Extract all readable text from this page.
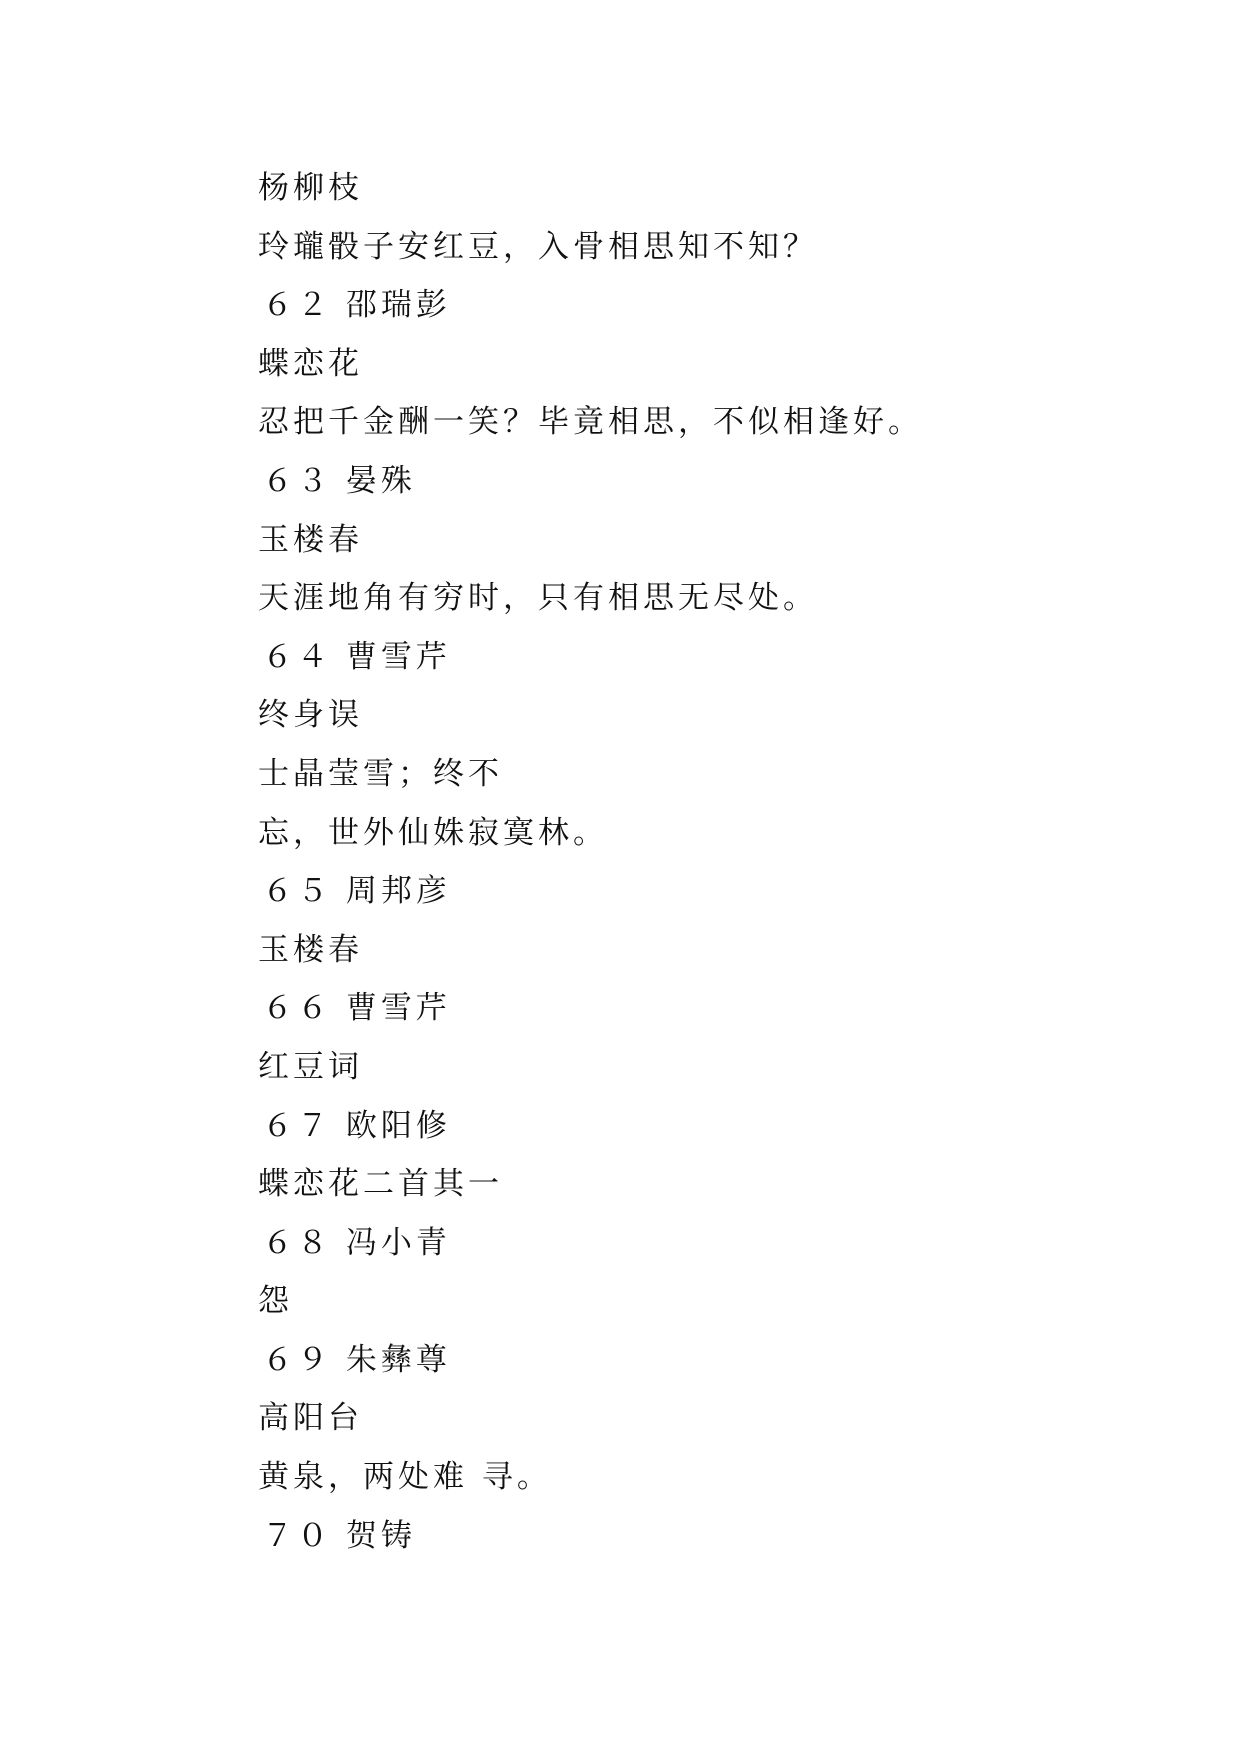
杨柳枝
玲瓏骰子安红豆，入骨相思知不知？
６２ 邵瑞彭
蝶恋花
忍把千金酬一笑？毕竟相思，不似相逢好。
６３ 晏殊
玉楼春
天涯地角有穷时，只有相思无尽处。
６４ 曹雪芹
终身误
士晶莹雪；终不
忘，世外仙姝寂寞林。
６５ 周邦彦
玉楼春
６６ 曹雪芹
红豆词
６７ 欧阳修
蝶恋花二首其一
６８ 冯小青
怨
６９ 朱彝尊
高阳台
黄泉，两处难 寻。
７０ 贺铸
